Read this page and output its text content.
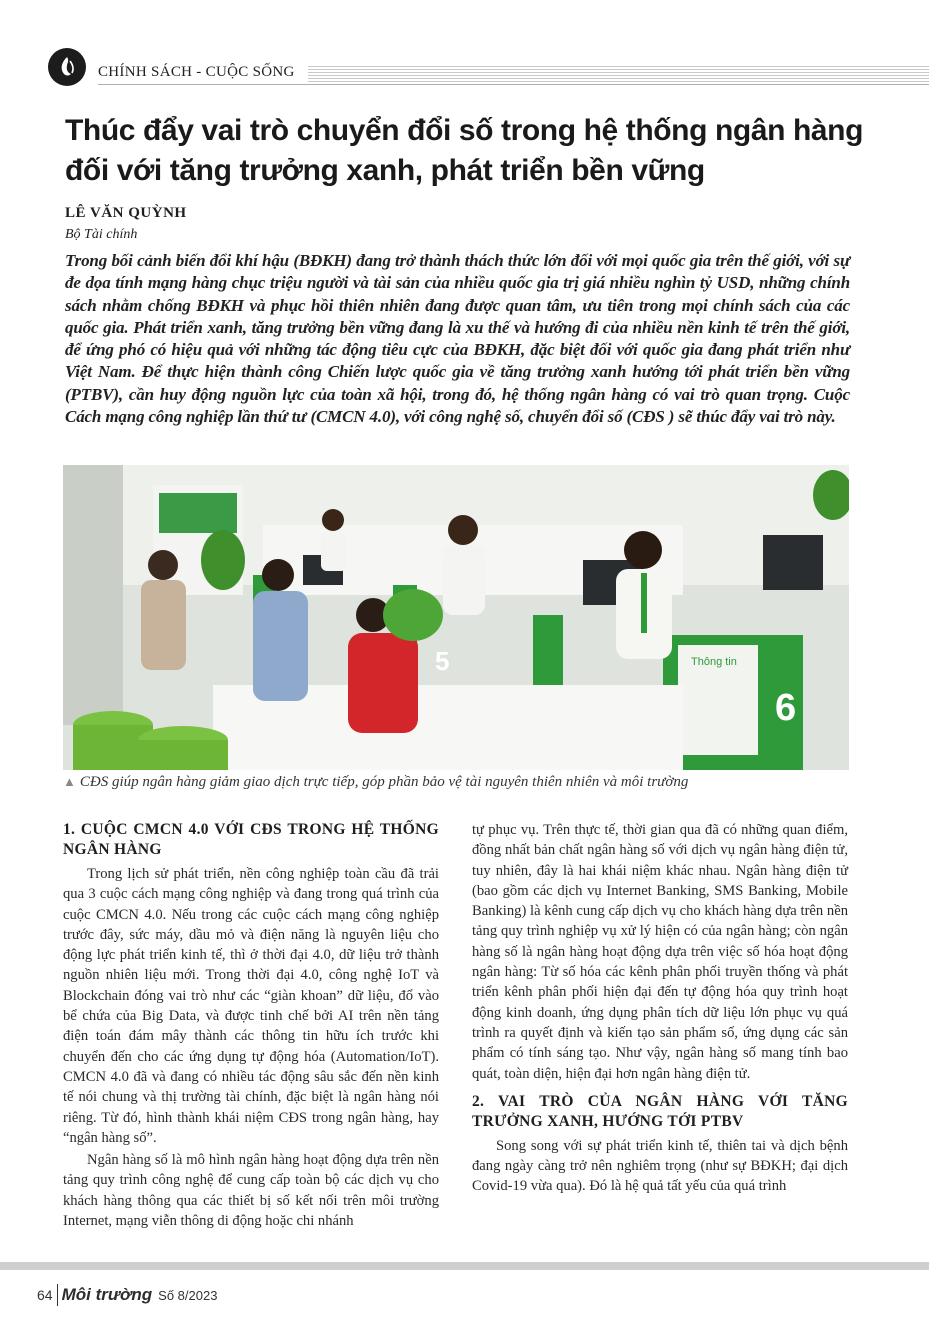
CHÍNH SÁCH - CUỘC SỐNG
Thúc đẩy vai trò chuyển đổi số trong hệ thống ngân hàng
đối với tăng trưởng xanh, phát triển bền vững
LÊ VĂN QUỲNH
Bộ Tài chính

Trong bối cảnh biến đổi khí hậu (BĐKH) đang trở thành thách thức lớn đối với mọi quốc gia trên thế giới, với sự đe dọa tính mạng hàng chục triệu người và tài sản của nhiều quốc gia trị giá nhiều nghìn tỷ USD, những chính sách nhằm chống BĐKH và phục hồi thiên nhiên đang được quan tâm, ưu tiên trong mọi chính sách của các quốc gia. Phát triển xanh, tăng trưởng bền vững đang là xu thế và hướng đi của nhiều nền kinh tế trên thế giới, để ứng phó có hiệu quả với những tác động tiêu cực của BĐKH, đặc biệt đối với quốc gia đang phát triển như Việt Nam. Để thực hiện thành công Chiến lược quốc gia về tăng trưởng xanh hướng tới phát triển bền vững (PTBV), cần huy động nguồn lực của toàn xã hội, trong đó, hệ thống ngân hàng có vai trò quan trọng. Cuộc Cách mạng công nghiệp lần thứ tư (CMCN 4.0), với công nghệ số, chuyển đổi số (CĐS ) sẽ thúc đẩy vai trò này.

6
5	Thông tin
▲ CĐS giúp ngân hàng giảm giao dịch trực tiếp, góp phần bảo vệ tài nguyên thiên nhiên và môi trường
1. CUỘC CMCN 4.0 VỚI CĐS TRONG HỆ THỐNG NGÂN HÀNG

Trong lịch sử phát triển, nền công nghiệp toàn cầu đã trải qua 3 cuộc cách mạng công nghiệp và đang trong quá trình của cuộc CMCN 4.0. Nếu trong các cuộc cách mạng công nghiệp trước đây, sức máy, dầu mỏ và điện năng là nguyên liệu cho động lực phát triển kinh tế, thì ở thời đại 4.0, dữ liệu trở thành nguồn nhiên liệu mới. Trong thời đại 4.0, công nghệ IoT và Blockchain đóng vai trò như các “giàn khoan” dữ liệu, đổ vào bể chứa của Big Data, và được tinh chế bởi AI trên nền tảng điện toán đám mây thành các thông tin hữu ích trước khi chuyển đến cho các ứng dụng tự động hóa (Automation/IoT). CMCN 4.0 đã và đang có nhiều tác động sâu sắc đến nền kinh tế nói chung và thị trường tài chính, đặc biệt là ngân hàng nói riêng. Từ đó, hình thành khái niệm CĐS trong ngân hàng, hay “ngân hàng số”.

Ngân hàng số là mô hình ngân hàng hoạt động dựa trên nền tảng quy trình công nghệ để cung cấp toàn bộ các dịch vụ cho khách hàng thông qua các thiết bị số kết nối trên môi trường Internet, mạng viễn thông di động hoặc chi nhánh

tự phục vụ. Trên thực tế, thời gian qua đã có những quan điểm, đồng nhất bản chất ngân hàng số với dịch vụ ngân hàng điện tử, tuy nhiên, đây là hai khái niệm khác nhau. Ngân hàng điện tử (bao gồm các dịch vụ Internet Banking, SMS Banking, Mobile Banking) là kênh cung cấp dịch vụ cho khách hàng dựa trên nền tảng quy trình nghiệp vụ xử lý hiện có của ngân hàng; còn ngân hàng số là ngân hàng hoạt động dựa trên việc số hóa hoạt động ngân hàng: Từ số hóa các kênh phân phối truyền thống và phát triển kênh phân phối hiện đại đến tự động hóa quy trình hoạt động kinh doanh, ứng dụng phân tích dữ liệu lớn phục vụ quá trình ra quyết định và kiến tạo sản phẩm số, ứng dụng các sản phẩm có tính sáng tạo. Như vậy, ngân hàng số mang tính bao quát, toàn diện, hiện đại hơn ngân hàng điện tử.

2. VAI TRÒ CỦA NGÂN HÀNG VỚI TĂNG TRƯỞNG XANH, HƯỚNG TỚI PTBV

Song song với sự phát triển kinh tế, thiên tai và dịch bệnh đang ngày càng trở nên nghiêm trọng (như sự BĐKH; đại dịch Covid-19 vừa qua). Đó là hệ quả tất yếu của quá trình

64 Môi trường Số 8/2023
